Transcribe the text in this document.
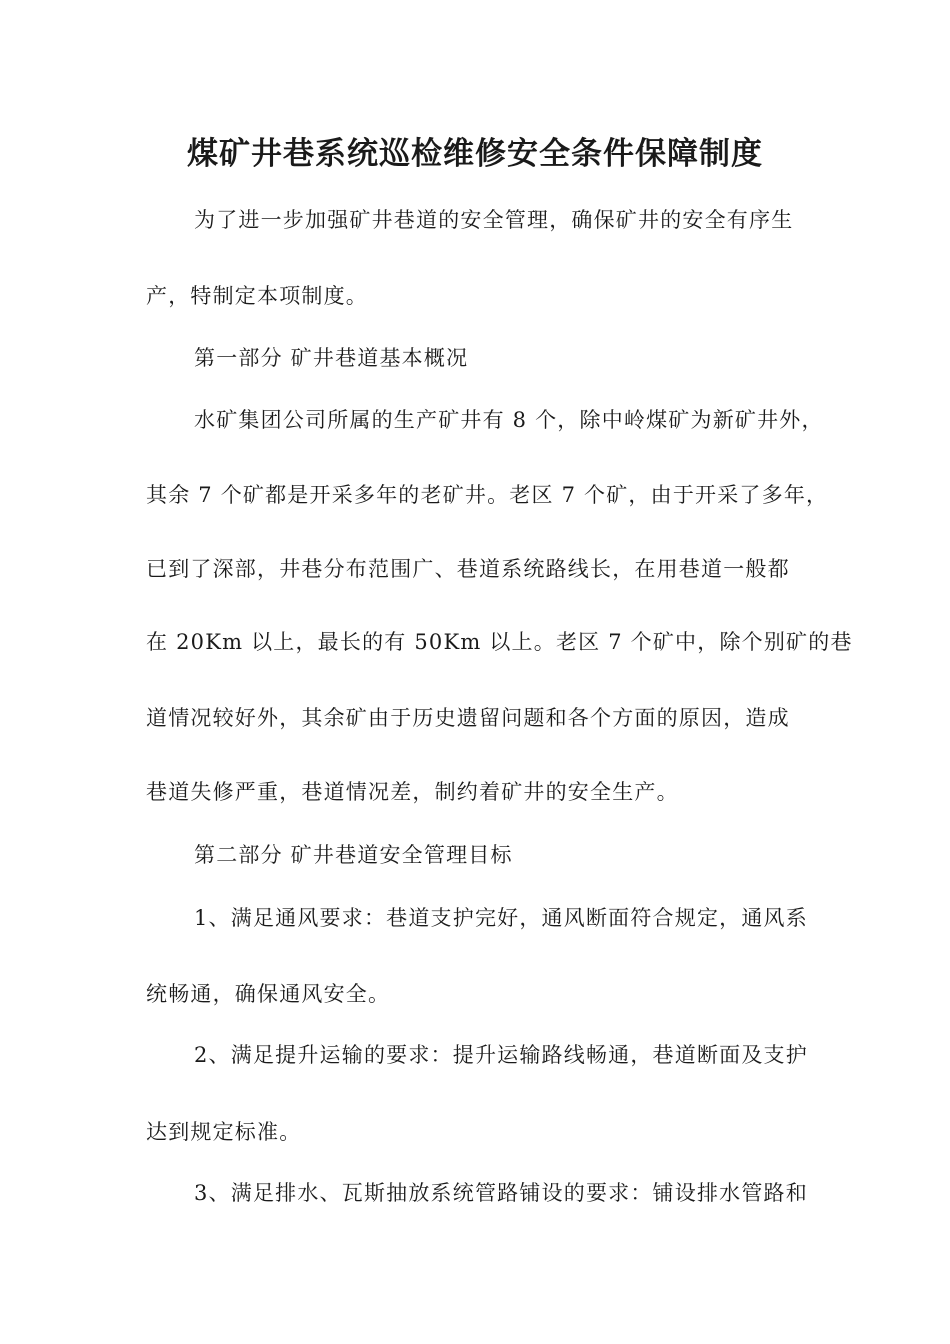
煤矿井巷系统巡检维修安全条件保障制度
为了进一步加强矿井巷道的安全管理，确保矿井的安全有序生
产，特制定本项制度。
第一部分 矿井巷道基本概况
水矿集团公司所属的生产矿井有 8 个，除中岭煤矿为新矿井外，
其余 7 个矿都是开采多年的老矿井。老区 7 个矿，由于开采了多年，
已到了深部，井巷分布范围广、巷道系统路线长，在用巷道一般都
在 20Km 以上，最长的有 50Km 以上。老区 7 个矿中，除个别矿的巷
道情况较好外，其余矿由于历史遗留问题和各个方面的原因，造成
巷道失修严重，巷道情况差，制约着矿井的安全生产。
第二部分 矿井巷道安全管理目标
1、满足通风要求：巷道支护完好，通风断面符合规定，通风系
统畅通，确保通风安全。
2、满足提升运输的要求：提升运输路线畅通，巷道断面及支护
达到规定标准。
3、满足排水、瓦斯抽放系统管路铺设的要求：铺设排水管路和
